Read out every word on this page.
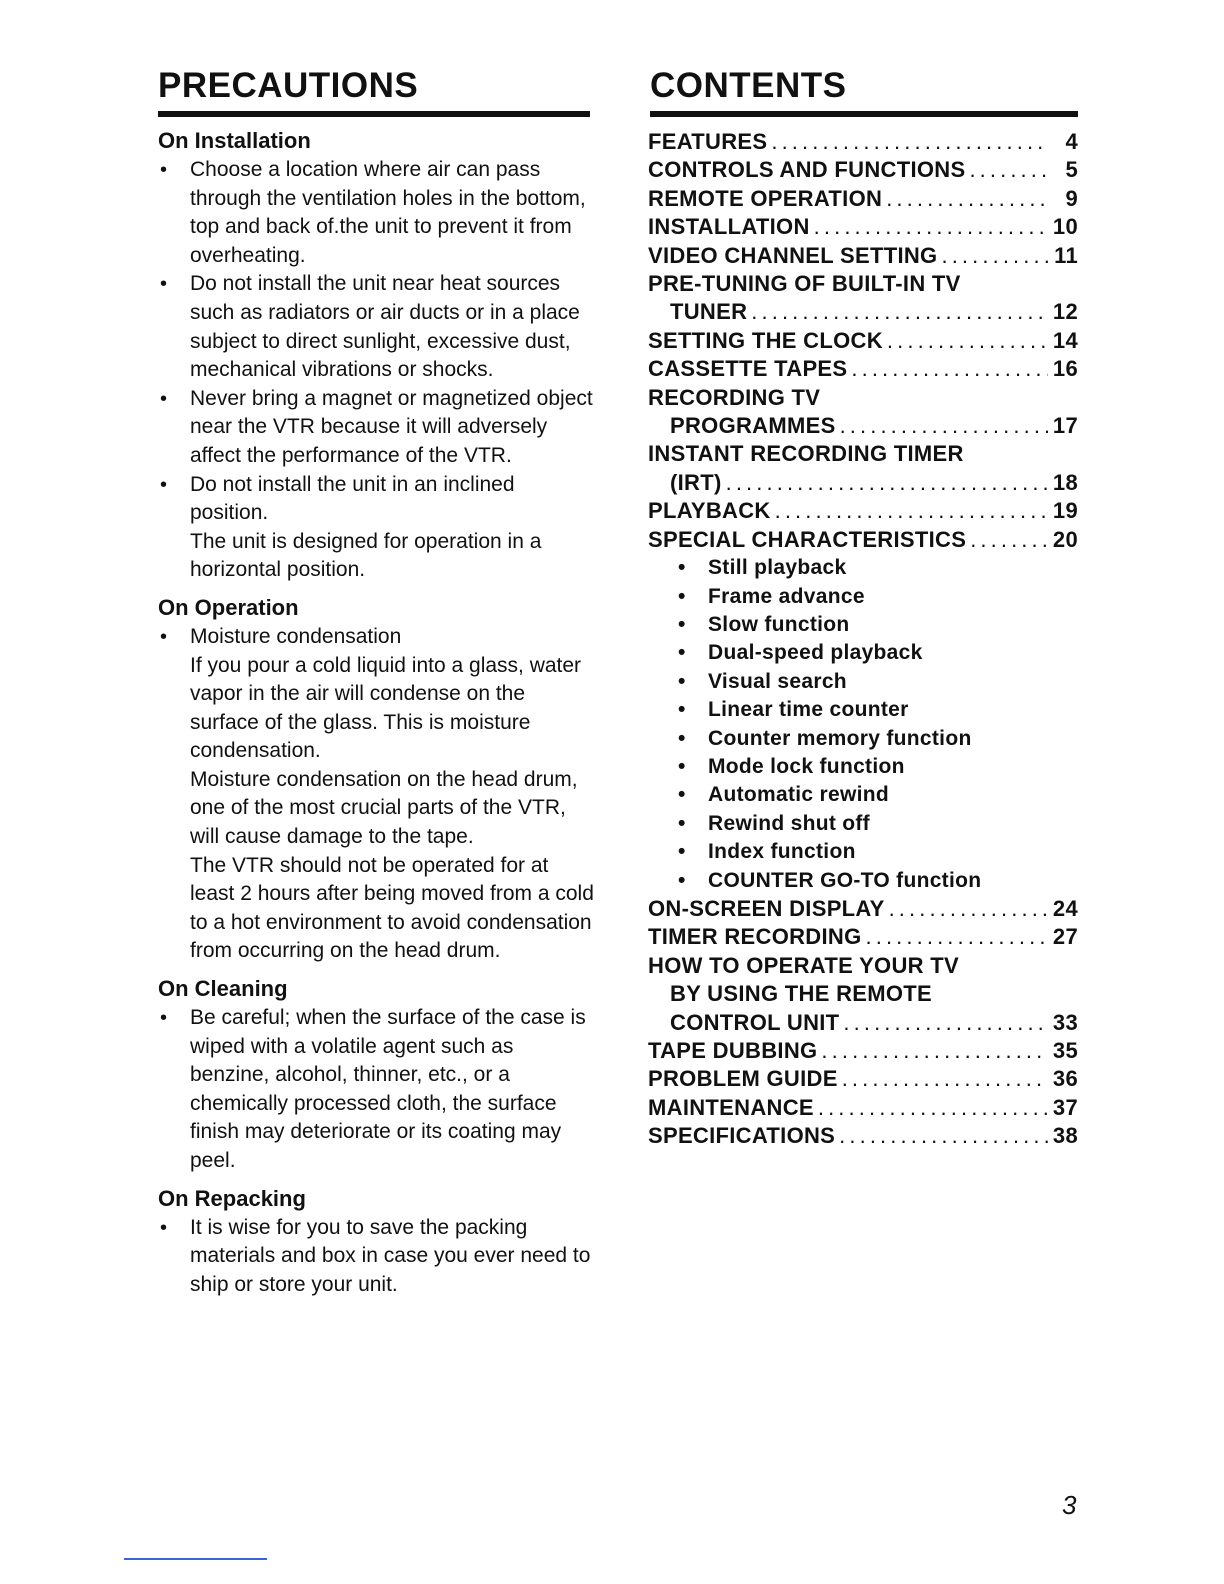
PRECAUTIONS	CONTENTS
On Installation

• Choose a location where air can pass through the ventilation holes in the bottom, top and back of.the unit to prevent it from overheating.

• Do not install the unit near heat sources such as radiators or air ducts or in a place subject to direct sunlight, excessive dust, mechanical vibrations or shocks.

• Never bring a magnet or magnetized object near the VTR because it will adversely affect the performance of the VTR.

• Do not install the unit in an inclined position.

The unit is designed for operation in a horizontal position.

On Operation

• Moisture condensation

If you pour a cold liquid into a glass, water vapor in the air will condense on the surface of the glass. This is moisture condensation.

Moisture condensation on the head drum, one of the most crucial parts of the VTR, will cause damage to the tape.

The VTR should not be operated for at least 2 hours after being moved from a cold to a hot environment to avoid condensation from occurring on the head drum.

On Cleaning

• Be careful; when the surface of the case is wiped with a volatile agent such as benzine, alcohol, thinner, etc., or a chemically processed cloth, the surface finish may deteriorate or its coating may peel.

On Repacking

• It is wise for you to save the packing materials and box in case you ever need to ship or store your unit.

FEATURES . . .	4
CONTROLS AND FUNCTIONS . . .	5
REMOTE OPERATION . . .	9
INSTALLATION . . .	10
VIDEO CHANNEL SETTING . . .	11
PRE-TUNING OF BUILT-IN TV
TUNER . . .	12
SETTING THE CLOCK . . .	14
CASSETTE TAPES . . .	16
RECORDING TV
PROGRAMMES . . .	17
INSTANT RECORDING TIMER
(IRT) . . .	18
PLAYBACK . . .	19
SPECIAL CHARACTERISTICS . . .	20
• Still playback
• Frame advance
• Slow function
• Dual-speed playback
• Visual search
• Linear time counter
• Counter memory function
• Mode lock function
• Automatic rewind
• Rewind shut off
• Index function
• COUNTER GO-TO function
ON-SCREEN DISPLAY . . .	24
TIMER RECORDING . . .	27
HOW TO OPERATE YOUR TV
BY USING THE REMOTE
CONTROL UNIT . . .	33
TAPE DUBBING . . .	35
PROBLEM GUIDE . . .	36
MAINTENANCE . . .	37
SPECIFICATIONS . . .	38
3
